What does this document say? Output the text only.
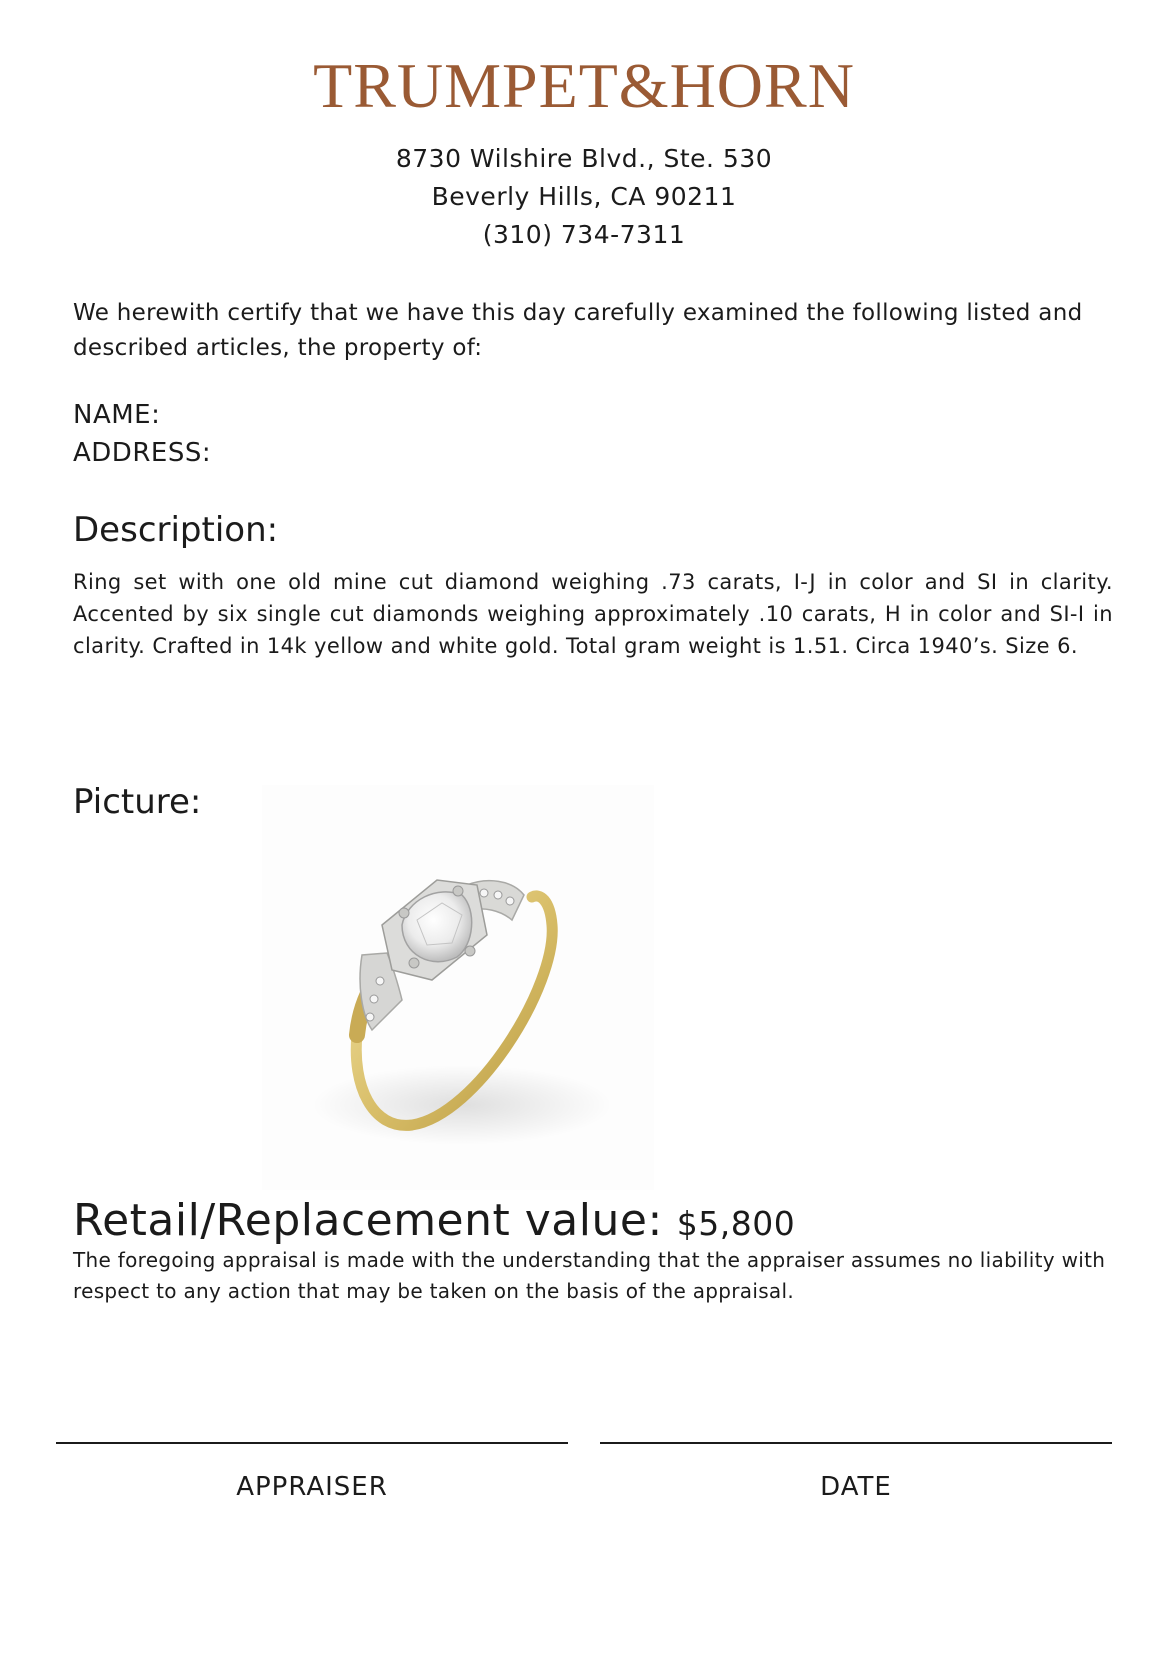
TRUMPET&HORN
8730 Wilshire Blvd., Ste. 530
Beverly Hills, CA 90211
(310) 734-7311
We herewith certify that we have this day carefully examined the following listed and described articles, the property of:
NAME:
ADDRESS:
Description:
Ring set with one old mine cut diamond weighing .73 carats, I-J in color and SI in clarity. Accented by six single cut diamonds weighing approximately .10 carats, H in color and SI-I in clarity. Crafted in 14k yellow and white gold. Total gram weight is 1.51. Circa 1940’s. Size 6.
Picture:
Retail/Replacement value: $5,800
The foregoing appraisal is made with the understanding that the appraiser assumes no liability with respect to any action that may be taken on the basis of the appraisal.
APPRAISER	DATE
